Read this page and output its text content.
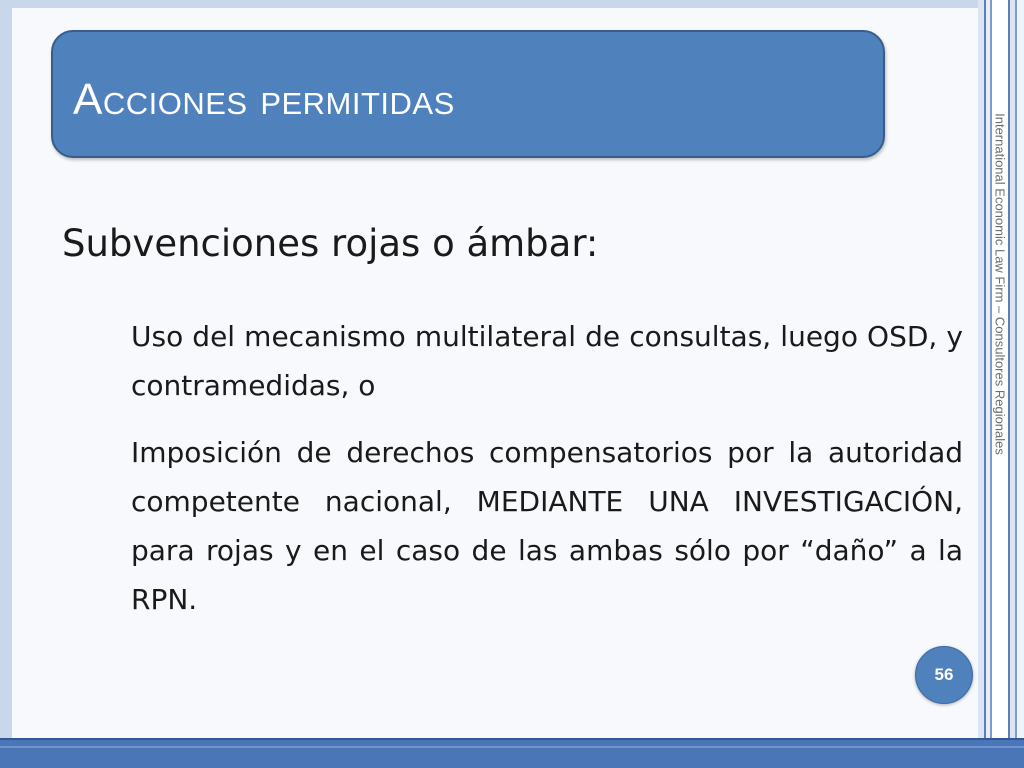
Acciones permitidas
International Economic Law Firm – Consultores Regionales
Subvenciones rojas o ámbar:

Uso del mecanismo multilateral de consultas, luego OSD, y contramedidas, o

Imposición de derechos compensatorios por la autoridad competente nacional, MEDIANTE UNA INVESTIGACIÓN, para rojas y en el caso de las ambas sólo por “daño” a la RPN.

56
